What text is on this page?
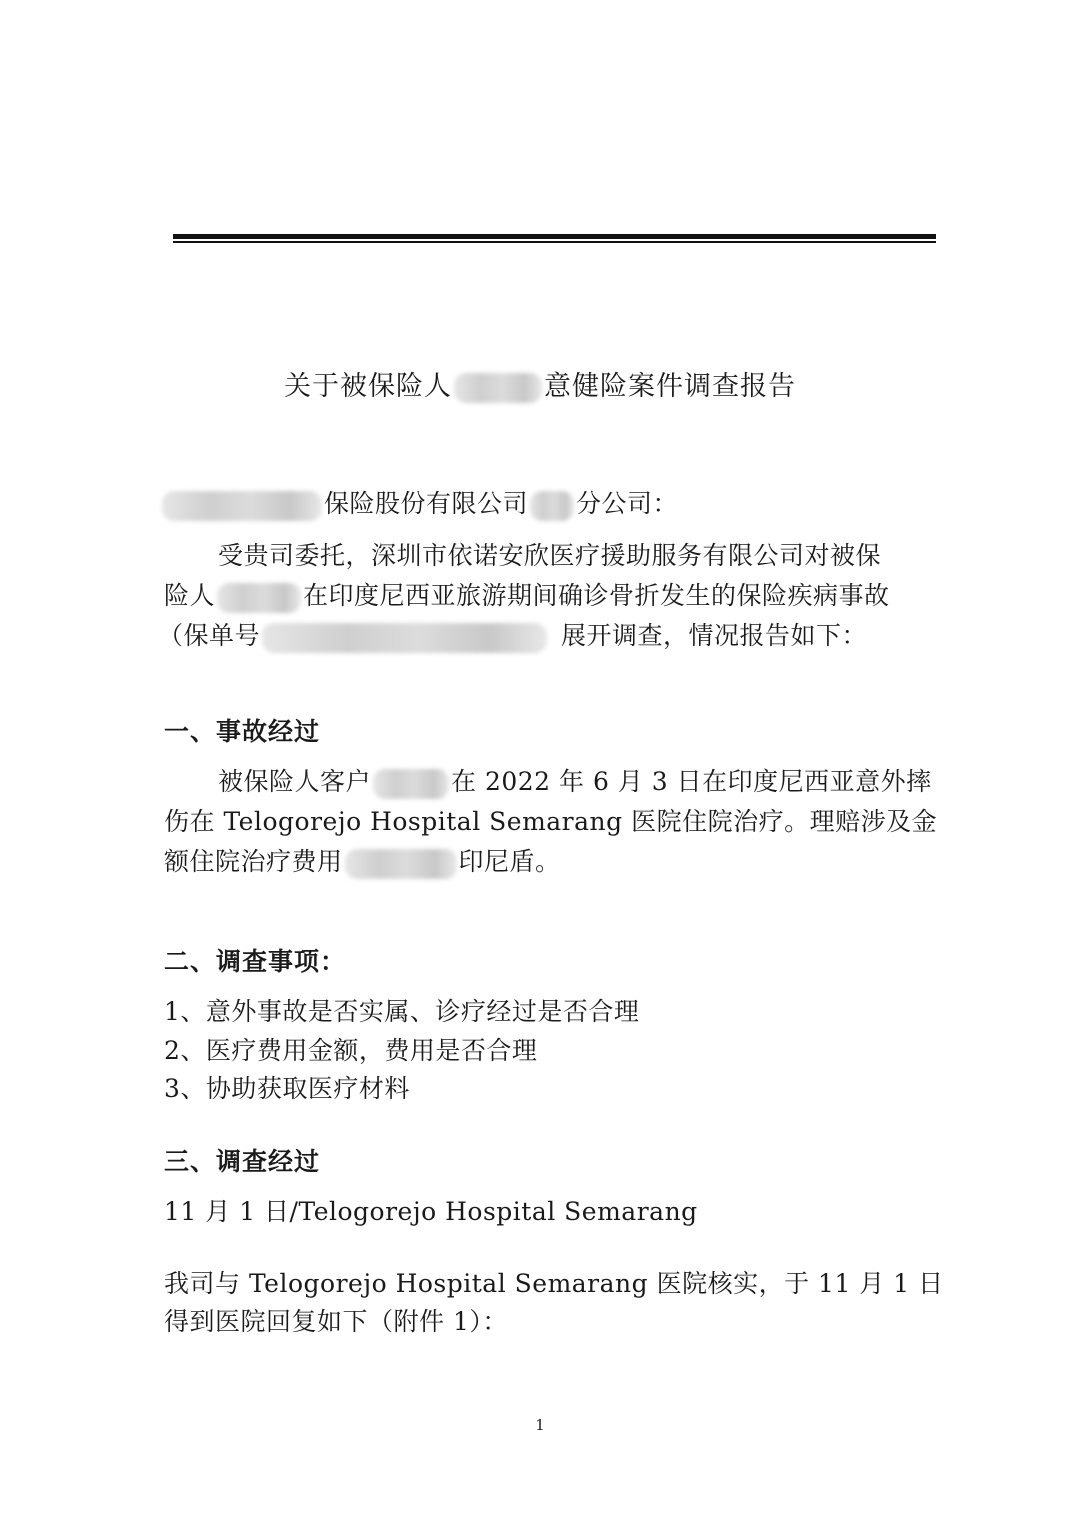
关于被保险人	意健险案件调查报告
保险股份有限公司 分公司：
受贵司委托，深圳市依诺安欣医疗援助服务有限公司对被保
险人	在印度尼西亚旅游期间确诊骨折发生的保险疾病事故
（保单号	展开调查，情况报告如下：
一、事故经过
被保险人客户	在 2022 年 6 月 3 日在印度尼西亚意外摔
伤在 Telogorejo Hospital Semarang 医院住院治疗。理赔涉及金
额住院治疗费用	印尼盾。
二、调查事项：
1、意外事故是否实属、诊疗经过是否合理
2、医疗费用金额，费用是否合理
3、协助获取医疗材料
三、调查经过
11 月 1 日/Telogorejo Hospital Semarang
我司与 Telogorejo Hospital Semarang 医院核实，于 11 月 1 日
得到医院回复如下（附件 1）：
1
